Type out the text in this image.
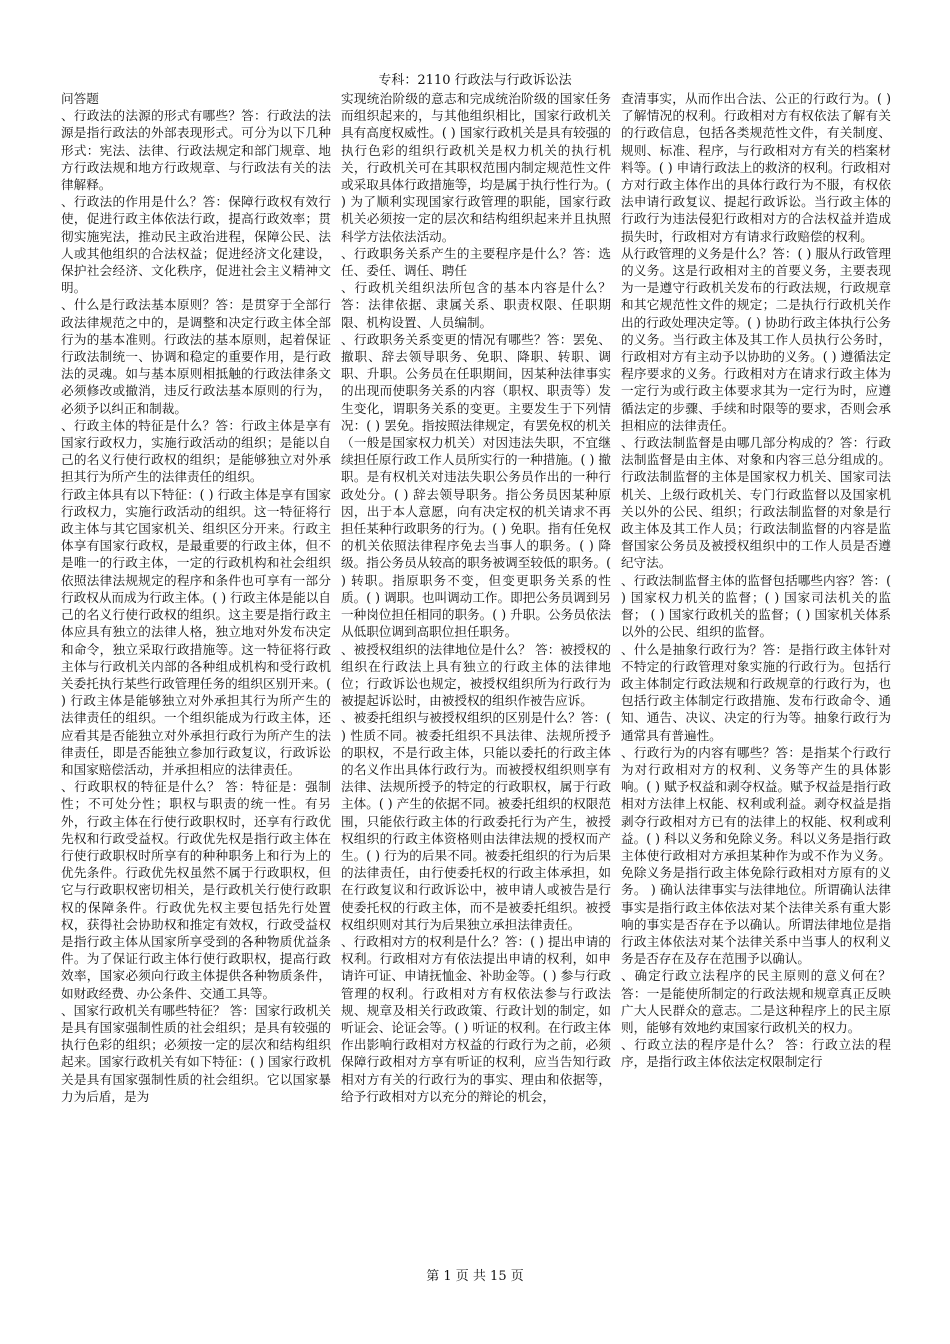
专科：2110 行政法与行政诉讼法

问答题

、行政法的法源的形式有哪些？答：行政法的法源是指行政法的外部表现形式。可分为以下几种形式：宪法、法律、行政法规定和部门规章、地方行政法规和地方行政规章、与行政法有关的法律解释。

、行政法的作用是什么？答：保障行政权有效行使，促进行政主体依法行政，提高行政效率；贯彻实施宪法，推动民主政治进程，保障公民、法人或其他组织的合法权益；促进经济文化建设，保护社会经济、文化秩序，促进社会主义精神文明。

、什么是行政法基本原则？答：是贯穿于全部行政法律规范之中的，是调整和决定行政主体全部行为的基本准则。行政法的基本原则，起着保证行政法制统一、协调和稳定的重要作用，是行政法的灵魂。如与基本原则相抵触的行政法律条文必须修改或撤消，违反行政法基本原则的行为，必须予以纠正和制裁。

、行政主体的特征是什么？答：行政主体是享有国家行政权力，实施行政活动的组织；是能以自己的名义行使行政权的组织；是能够独立对外承担其行为所产生的法律责任的组织。

行政主体具有以下特征：( ) 行政主体是享有国家行政权力，实施行政活动的组织。这一特征将行政主体与其它国家机关、组织区分开来。行政主体享有国家行政权，是最重要的行政主体，但不是唯一的行政主体，一定的行政机构和社会组织依照法律法规规定的程序和条件也可享有一部分行政权从而成为行政主体。( ) 行政主体是能以自己的名义行使行政权的组织。这主要是指行政主体应具有独立的法律人格，独立地对外发布决定和命令，独立采取行政措施等。这一特征将行政主体与行政机关内部的各种组成机构和受行政机关委托执行某些行政管理任务的组织区别开来。( ) 行政主体是能够独立对外承担其行为所产生的法律责任的组织。一个组织能成为行政主体，还应看其是否能独立对外承担行政行为所产生的法律责任，即是否能独立参加行政复议，行政诉讼和国家赔偿活动，并承担相应的法律责任。

、行政职权的特征是什么？ 答：特征是：强制性；不可处分性；职权与职责的统一性。有另外，行政主体在行使行政职权时，还享有行政优先权和行政受益权。行政优先权是指行政主体在行使行政职权时所享有的种种职务上和行为上的优先条件。行政优先权虽然不属于行政职权，但它与行政职权密切相关，是行政机关行使行政职权的保障条件。行政优先权主要包括先行处置权，获得社会协助权和推定有效权，行政受益权是指行政主体从国家所享受到的各种物质优益条件。为了保证行政主体行使行政职权，提高行政效率，国家必须向行政主体提供各种物质条件，如财政经费、办公条件、交通工具等。

、国家行政机关有哪些特征？ 答：国家行政机关是具有国家强制性质的社会组织；是具有较强的执行色彩的组织；必须按一定的层次和结构组织起来。国家行政机关有如下特征：( ) 国家行政机关是具有国家强制性质的社会组织。它以国家暴力为后盾，是为

实现统治阶级的意志和完成统治阶级的国家任务而组织起来的，与其他组织相比，国家行政机关具有高度权威性。( ) 国家行政机关是具有较强的执行色彩的组织行政机关是权力机关的执行机关，行政机关可在其职权范围内制定规范性文件或采取具体行政措施等，均是属于执行性行为。( ) 为了顺利实现国家行政管理的职能，国家行政机关必须按一定的层次和结构组织起来并且执照科学方法依法活动。

、行政职务关系产生的主要程序是什么？答：选任、委任、调任、聘任

、行政机关组织法所包含的基本内容是什么？答：法律依据、隶属关系、职责权限、任职期限、机构设置、人员编制。

、行政职务关系变更的情况有哪些？答：罢免、撤职、辞去领导职务、免职、降职、转职、调职、升职。公务员在任职期间，因某种法律事实的出现而使职务关系的内容（职权、职责等）发生变化，谓职务关系的变更。主要发生于下列情况：( ) 罢免。指按照法律规定，有罢免权的机关（一般是国家权力机关）对因违法失职，不宜继续担任原行政工作人员所实行的一种措施。( ) 撤职。是有权机关对违法失职公务员作出的一种行政处分。( ) 辞去领导职务。指公务员因某种原因，出于本人意愿，向有决定权的机关请求不再担任某种行政职务的行为。( ) 免职。指有任免权的机关依照法律程序免去当事人的职务。( ) 降级。指公务员从较高的职务被调至较低的职务。( ) 转职。指原职务不变，但变更职务关系的性质。( ) 调职。也叫调动工作。即把公务员调到另一种岗位担任相同的职务。( ) 升职。公务员依法从低职位调到高职位担任职务。

、被授权组织的法律地位是什么？ 答：被授权的组织在行政法上具有独立的行政主体的法律地位；行政诉讼也规定，被授权组织所为行政行为被提起诉讼时，由被授权的组织作被告应诉。

、被委托组织与被授权组织的区别是什么？答：( ) 性质不同。被委托组织不具法律、法规所授予的职权，不是行政主体，只能以委托的行政主体的名义作出具体行政行为。而被授权组织则享有法律、法规所授予的特定的行政职权，属于行政主体。( ) 产生的依据不同。被委托组织的权限范围，只能依行政主体的行政委托行为产生，被授权组织的行政主体资格则由法律法规的授权而产生。( ) 行为的后果不同。被委托组织的行为后果的法律责任，由行使委托权的行政主体承担，如在行政复议和行政诉讼中，被申请人或被告是行使委托权的行政主体，而不是被委托组织。被授权组织则对其行为后果独立承担法律责任。

、行政相对方的权利是什么？答：( ) 提出申请的权利。行政相对方有依法提出申请的权利，如申请许可证、申请抚恤金、补助金等。( ) 参与行政管理的权利。行政相对方有权依法参与行政法规、规章及相关行政政策、行政计划的制定，如听证会、论证会等。( ) 听证的权利。在行政主体作出影响行政相对方权益的行政行为之前，必须保障行政相对方享有听证的权利，应当告知行政相对方有关的行政行为的事实、理由和依据等，给予行政相对方以充分的辩论的机会，

查清事实，从而作出合法、公正的行政行为。( ) 了解情况的权利。行政相对方有权依法了解有关的行政信息，包括各类规范性文件，有关制度、规则、标准、程序，与行政相对方有关的档案材料等。( ) 申请行政法上的救济的权利。行政相对方对行政主体作出的具体行政行为不服，有权依法申请行政复议、提起行政诉讼。当行政主体的行政行为违法侵犯行政相对方的合法权益并造成损失时，行政相对方有请求行政赔偿的权利。

从行政管理的义务是什么？答：( ) 服从行政管理的义务。这是行政相对主的首要义务，主要表现为一是遵守行政机关发布的行政法规，行政规章和其它规范性文件的规定；二是执行行政机关作出的行政处理决定等。( ) 协助行政主体执行公务的义务。当行政主体及其工作人员执行公务时，行政相对方有主动予以协助的义务。( ) 遵循法定程序要求的义务。行政相对方在请求行政主体为一定行为或行政主体要求其为一定行为时，应遵循法定的步骤、手续和时限等的要求，否则会承担相应的法律责任。

、行政法制监督是由哪几部分构成的？答：行政法制监督是由主体、对象和内容三总分组成的。行政法制监督的主体是国家权力机关、国家司法机关、上级行政机关、专门行政监督以及国家机关以外的公民、组织；行政法制监督的对象是行政主体及其工作人员；行政法制监督的内容是监督国家公务员及被授权组织中的工作人员是否遵纪守法。

、行政法制监督主体的监督包括哪些内容？答：( ) 国家权力机关的监督；( ) 国家司法机关的监督； ( ) 国家行政机关的监督；( ) 国家机关体系以外的公民、组织的监督。

、什么是抽象行政行为？答：是指行政主体针对不特定的行政管理对象实施的行政行为。包括行政主体制定行政法规和行政规章的行政行为，也包括行政主体制定行政措施、发布行政命令、通知、通告、决议、决定的行为等。抽象行政行为通常具有普遍性。

、行政行为的内容有哪些？答：是指某个行政行为对行政相对方的权利、义务等产生的具体影响。( ) 赋予权益和剥夺权益。赋予权益是指行政相对方法律上权能、权利或利益。剥夺权益是指剥夺行政相对方已有的法律上的权能、权利或利益。( ) 科以义务和免除义务。科以义务是指行政主体使行政相对方承担某种作为或不作为义务。免除义务是指行政主体免除行政相对方原有的义务。 ) 确认法律事实与法律地位。所谓确认法律事实是指行政主体依法对某个法律关系有重大影响的事实是否存在予以确认。所谓法律地位是指行政主体依法对某个法律关系中当事人的权利义务是否存在及存在范围予以确认。

、确定行政立法程序的民主原则的意义何在？答：一是能使所制定的行政法规和规章真正反映广大人民群众的意志。二是这种程序上的民主原则，能够有效地约束国家行政机关的权力。

、行政立法的程序是什么？ 答：行政立法的程序，是指行政主体依法定权限制定行

第 1 页 共 15 页
